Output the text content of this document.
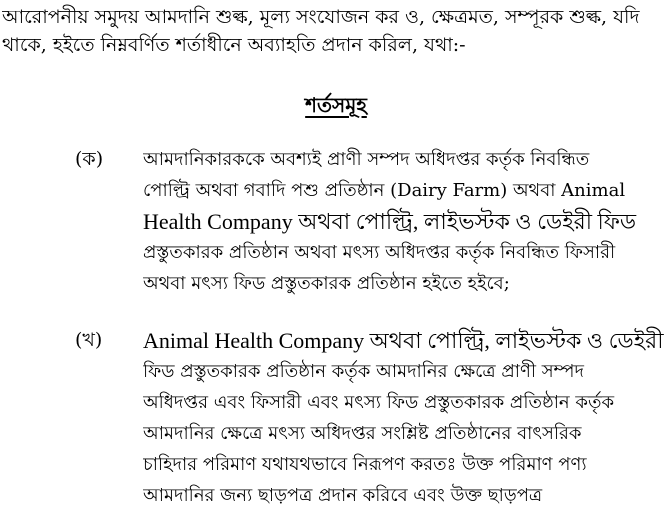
আরোপনীয় সমুদয় আমদানি শুল্ক, মূল্য সংযোজন কর ও, ক্ষেত্রমত, সম্পূরক শুল্ক, যদি
থাকে, হইতে নিম্নবর্ণিত শর্তাধীনে অব্যাহতি প্রদান করিল, যথা:-
শর্তসমূহ
(ক) আমদানিকারককে অবশ্যই প্রাণী সম্পদ অধিদপ্তর কর্তৃক নিবন্ধিত
পোল্ট্রি অথবা গবাদি পশু প্রতিষ্ঠান (Dairy Farm) অথবা Animal
Health Company অথবা পোল্ট্রি, লাইভস্টক ও ডেইরী ফিড
প্রস্তুতকারক প্রতিষ্ঠান অথবা মৎস্য অধিদপ্তর কর্তৃক নিবন্ধিত ফিসারী
অথবা মৎস্য ফিড প্রস্তুতকারক প্রতিষ্ঠান হইতে হইবে;
(খ) Animal Health Company অথবা পোল্ট্রি, লাইভস্টক ও ডেইরী
ফিড প্রস্তুতকারক প্রতিষ্ঠান কর্তৃক আমদানির ক্ষেত্রে প্রাণী সম্পদ
অধিদপ্তর এবং ফিসারী এবং মৎস্য ফিড প্রস্তুতকারক প্রতিষ্ঠান কর্তৃক
আমদানির ক্ষেত্রে মৎস্য অধিদপ্তর সংশ্লিষ্ট প্রতিষ্ঠানের বাৎসরিক
চাহিদার পরিমাণ যথাযথভাবে নিরূপণ করতঃ উক্ত পরিমাণ পণ্য
আমদানির জন্য ছাড়পত্র প্রদান করিবে এবং উক্ত ছাড়পত্র
